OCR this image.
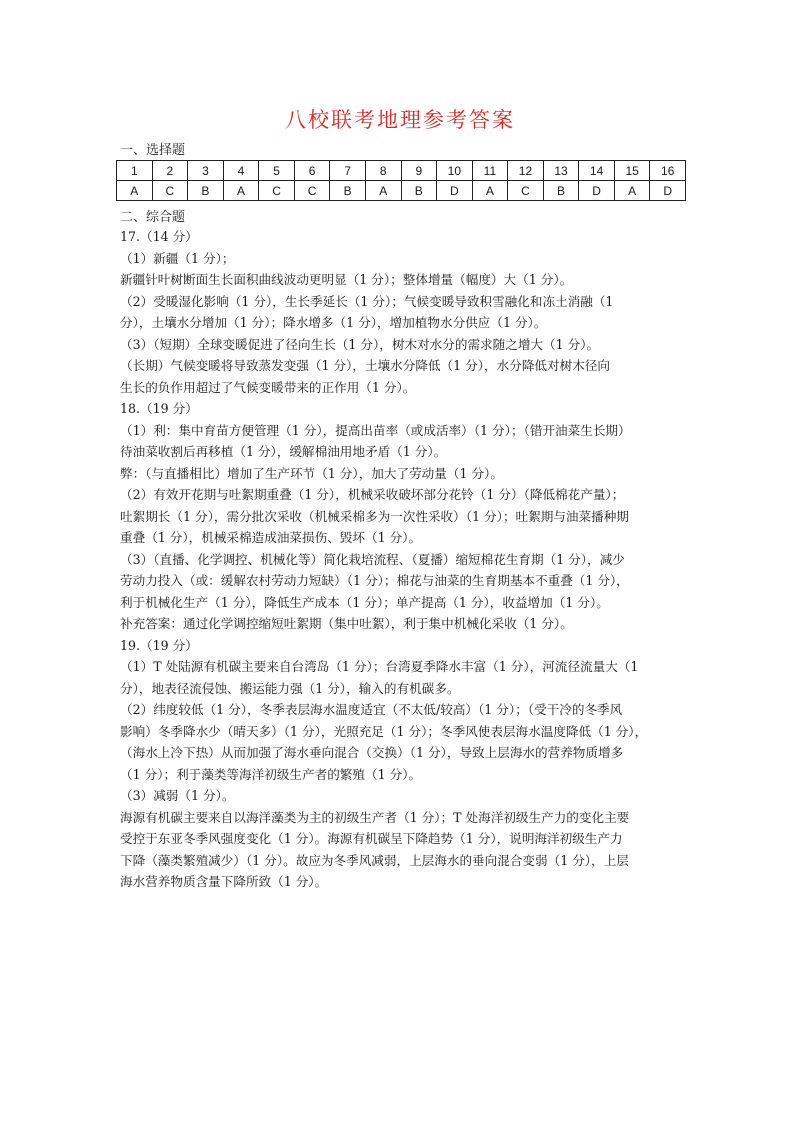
八校联考地理参考答案
一、选择题
1	2	3	4	5	6	7	8	9	10	11	12	13	14	15	16
A	C	B	A	C	C	B	A	B	D	A	C	B	D	A	D
二、综合题

17.（14 分）

（1）新疆（1 分）；

新疆针叶树断面生长面积曲线波动更明显（1 分）；整体增量（幅度）大（1 分）。

（2）受暖湿化影响（1 分），生长季延长（1 分）；气候变暖导致积雪融化和冻土消融（1

分），土壤水分增加（1 分）；降水增多（1 分），增加植物水分供应（1 分）。

（3）（短期）全球变暖促进了径向生长（1 分），树木对水分的需求随之增大（1 分）。

（长期）气候变暖将导致蒸发变强（1 分），土壤水分降低（1 分），水分降低对树木径向

生长的负作用超过了气候变暖带来的正作用（1 分）。

18.（19 分）

（1）利：集中育苗方便管理（1 分），提高出苗率（或成活率）（1 分）；（错开油菜生长期）

待油菜收割后再移植（1 分），缓解棉油用地矛盾（1 分）。

弊：（与直播相比）增加了生产环节（1 分），加大了劳动量（1 分）。

（2）有效开花期与吐絮期重叠（1 分），机械采收破坏部分花铃（1 分）（降低棉花产量）；

吐絮期长（1 分），需分批次采收（机械采棉多为一次性采收）（1 分）；吐絮期与油菜播种期

重叠（1 分），机械采棉造成油菜损伤、毁坏（1 分）。

（3）（直播、化学调控、机械化等）简化栽培流程、（夏播）缩短棉花生育期（1 分），减少

劳动力投入（或：缓解农村劳动力短缺）（1 分）；棉花与油菜的生育期基本不重叠（1 分），

利于机械化生产（1 分），降低生产成本（1 分）；单产提高（1 分），收益增加（1 分）。

补充答案：通过化学调控缩短吐絮期（集中吐絮），利于集中机械化采收（1 分）。

19.（19 分）

（1）T 处陆源有机碳主要来自台湾岛（1 分）；台湾夏季降水丰富（1 分），河流径流量大（1

分），地表径流侵蚀、搬运能力强（1 分），输入的有机碳多。

（2）纬度较低（1 分），冬季表层海水温度适宜（不太低/较高）（1 分）；（受干冷的冬季风

影响）冬季降水少（晴天多）（1 分），光照充足（1 分）；冬季风使表层海水温度降低（1 分），

（海水上冷下热）从而加强了海水垂向混合（交换）（1 分），导致上层海水的营养物质增多

（1 分）；利于藻类等海洋初级生产者的繁殖（1 分）。

（3）减弱（1 分）。

海源有机碳主要来自以海洋藻类为主的初级生产者（1 分）；T 处海洋初级生产力的变化主要

受控于东亚冬季风强度变化（1 分）。海源有机碳呈下降趋势（1 分），说明海洋初级生产力

下降（藻类繁殖减少）（1 分）。故应为冬季风减弱，上层海水的垂向混合变弱（1 分），上层

海水营养物质含量下降所致（1 分）。
